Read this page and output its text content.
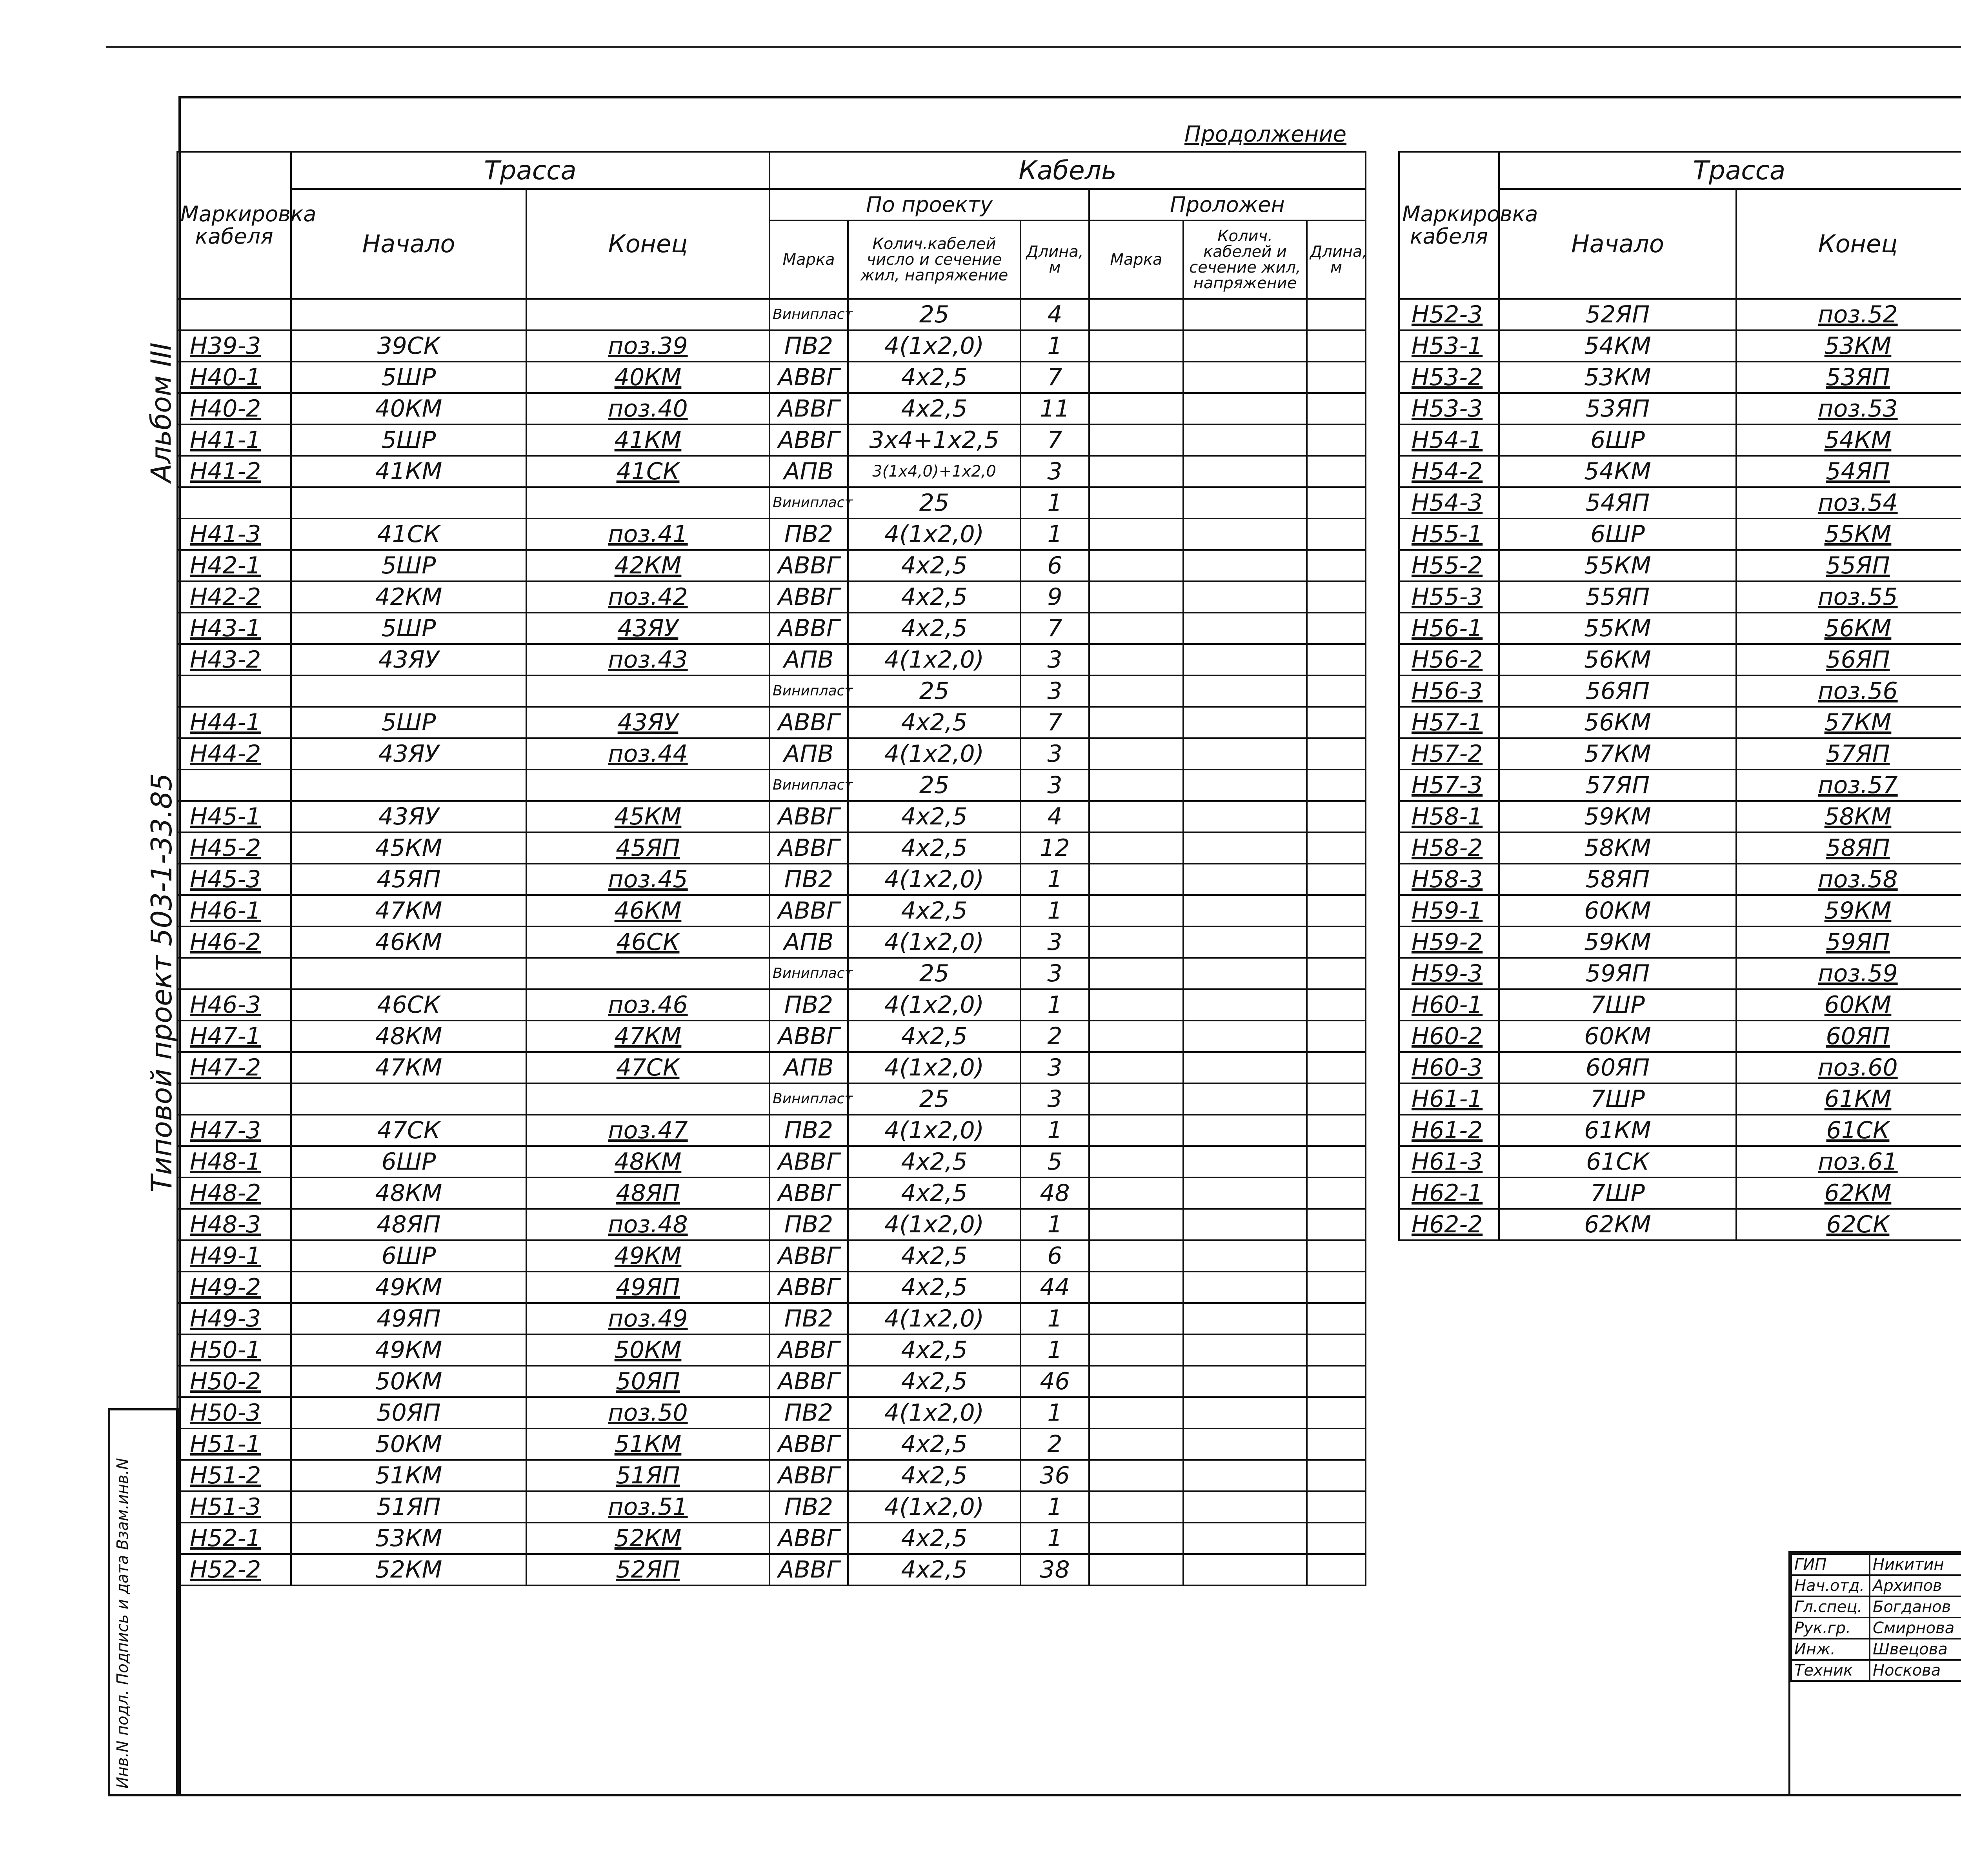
Альбом III
Типовой проект 503-1-33.85
Инв.N подл. Подпись и дата Взам.инв.N
Продолжение
Маркировка кабеля	Трасса		Кабель					
	Начало	Конец	По проекту			Проложен		
			Марка	Колич.кабелей число и сечение жил, напряжение	Длина, м	Марка	Колич. кабелей и сечение жил, напряжение	Длина, м
			Винипласт	25	4			
Н39-3	39СК	поз.39	ПВ2	4(1х2,0)	1			
Н40-1	5ШР	40КМ	АВВГ	4х2,5	7			
Н40-2	40КМ	поз.40	АВВГ	4х2,5	11			
Н41-1	5ШР	41КМ	АВВГ	3х4+1х2,5	7			
Н41-2	41КМ	41СК	АПВ	3(1х4,0)+1х2,0	3			
			Винипласт	25	1			
Н41-3	41СК	поз.41	ПВ2	4(1х2,0)	1			
Н42-1	5ШР	42КМ	АВВГ	4х2,5	6			
Н42-2	42КМ	поз.42	АВВГ	4х2,5	9			
Н43-1	5ШР	43ЯУ	АВВГ	4х2,5	7			
Н43-2	43ЯУ	поз.43	АПВ	4(1х2,0)	3			
			Винипласт	25	3			
Н44-1	5ШР	43ЯУ	АВВГ	4х2,5	7			
Н44-2	43ЯУ	поз.44	АПВ	4(1х2,0)	3			
			Винипласт	25	3			
Н45-1	43ЯУ	45КМ	АВВГ	4х2,5	4			
Н45-2	45КМ	45ЯП	АВВГ	4х2,5	12			
Н45-3	45ЯП	поз.45	ПВ2	4(1х2,0)	1			
Н46-1	47КМ	46КМ	АВВГ	4х2,5	1			
Н46-2	46КМ	46СК	АПВ	4(1х2,0)	3			
			Винипласт	25	3			
Н46-3	46СК	поз.46	ПВ2	4(1х2,0)	1			
Н47-1	48КМ	47КМ	АВВГ	4х2,5	2			
Н47-2	47КМ	47СК	АПВ	4(1х2,0)	3			
			Винипласт	25	3			
Н47-3	47СК	поз.47	ПВ2	4(1х2,0)	1			
Н48-1	6ШР	48КМ	АВВГ	4х2,5	5			
Н48-2	48КМ	48ЯП	АВВГ	4х2,5	48			
Н48-3	48ЯП	поз.48	ПВ2	4(1х2,0)	1			
Н49-1	6ШР	49КМ	АВВГ	4х2,5	6			
Н49-2	49КМ	49ЯП	АВВГ	4х2,5	44			
Н49-3	49ЯП	поз.49	ПВ2	4(1х2,0)	1			
Н50-1	49КМ	50КМ	АВВГ	4х2,5	1			
Н50-2	50КМ	50ЯП	АВВГ	4х2,5	46			
Н50-3	50ЯП	поз.50	ПВ2	4(1х2,0)	1			
Н51-1	50КМ	51КМ	АВВГ	4х2,5	2			
Н51-2	51КМ	51ЯП	АВВГ	4х2,5	36			
Н51-3	51ЯП	поз.51	ПВ2	4(1х2,0)	1			
Н52-1	53КМ	52КМ	АВВГ	4х2,5	1			
Н52-2	52КМ	52ЯП	АВВГ	4х2,5	38			
Маркировка кабеля	Трасса	
	Начало	Конец		

Н52-3	52ЯП	поз.52						
Н53-1	54КМ	53КМ						
Н53-2	53КМ	53ЯП						
Н53-3	53ЯП	поз.53						
Н54-1	6ШР	54КМ						
Н54-2	54КМ	54ЯП						
Н54-3	54ЯП	поз.54						
Н55-1	6ШР	55КМ						
Н55-2	55КМ	55ЯП						
Н55-3	55ЯП	поз.55						
Н56-1	55КМ	56КМ						
Н56-2	56КМ	56ЯП						
Н56-3	56ЯП	поз.56						
Н57-1	56КМ	57КМ						
Н57-2	57КМ	57ЯП						
Н57-3	57ЯП	поз.57						
Н58-1	59КМ	58КМ						
Н58-2	58КМ	58ЯП						
Н58-3	58ЯП	поз.58						
Н59-1	60КМ	59КМ						
Н59-2	59КМ	59ЯП						
Н59-3	59ЯП	поз.59						
Н60-1	7ШР	60КМ						
Н60-2	60КМ	60ЯП						
Н60-3	60ЯП	поз.60						
Н61-1	7ШР	61КМ						
Н61-2	61КМ	61СК						
Н61-3	61СК	поз.61						
Н62-1	7ШР	62КМ						
Н62-2	62КМ	62СК						
ГИП	Никитин		
Нач.отд.	Архипов		
Гл.спец.	Богданов		
Рук.гр.	Смирнова		
Инж.	Швецова		
Техник	Носкова		
